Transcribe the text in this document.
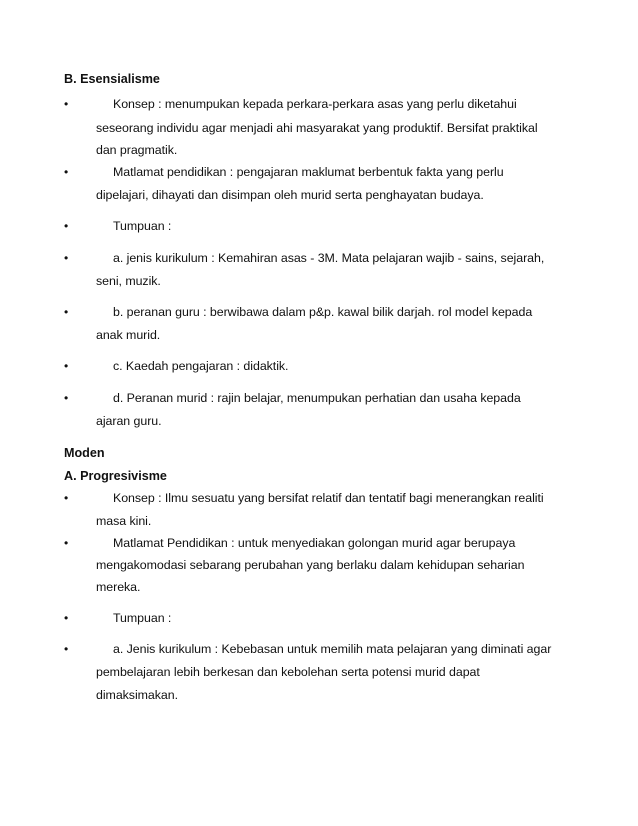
B. Esensialisme
•	Konsep : menumpukan kepada perkara-perkara asas yang perlu diketahui
seseorang individu agar menjadi ahi masyarakat yang produktif. Bersifat praktikal
dan pragmatik.
•	Matlamat pendidikan : pengajaran maklumat berbentuk fakta yang perlu
dipelajari, dihayati dan disimpan oleh murid serta penghayatan budaya.
•	Tumpuan :
•	a. jenis kurikulum : Kemahiran asas - 3M. Mata pelajaran wajib - sains, sejarah,
seni, muzik.
•	b. peranan guru : berwibawa dalam p&p. kawal bilik darjah. rol model kepada
anak murid.
•	c. Kaedah pengajaran : didaktik.
•	d. Peranan murid : rajin belajar, menumpukan perhatian dan usaha kepada
ajaran guru.
Moden
A. Progresivisme
•	Konsep : Ilmu sesuatu yang bersifat relatif dan tentatif bagi menerangkan realiti
masa kini.
•	Matlamat Pendidikan : untuk menyediakan golongan murid agar berupaya
mengakomodasi sebarang perubahan yang berlaku dalam kehidupan seharian
mereka.
•	Tumpuan :
•	a. Jenis kurikulum : Kebebasan untuk memilih mata pelajaran yang diminati agar
pembelajaran lebih berkesan dan kebolehan serta potensi murid dapat
dimaksimakan.
